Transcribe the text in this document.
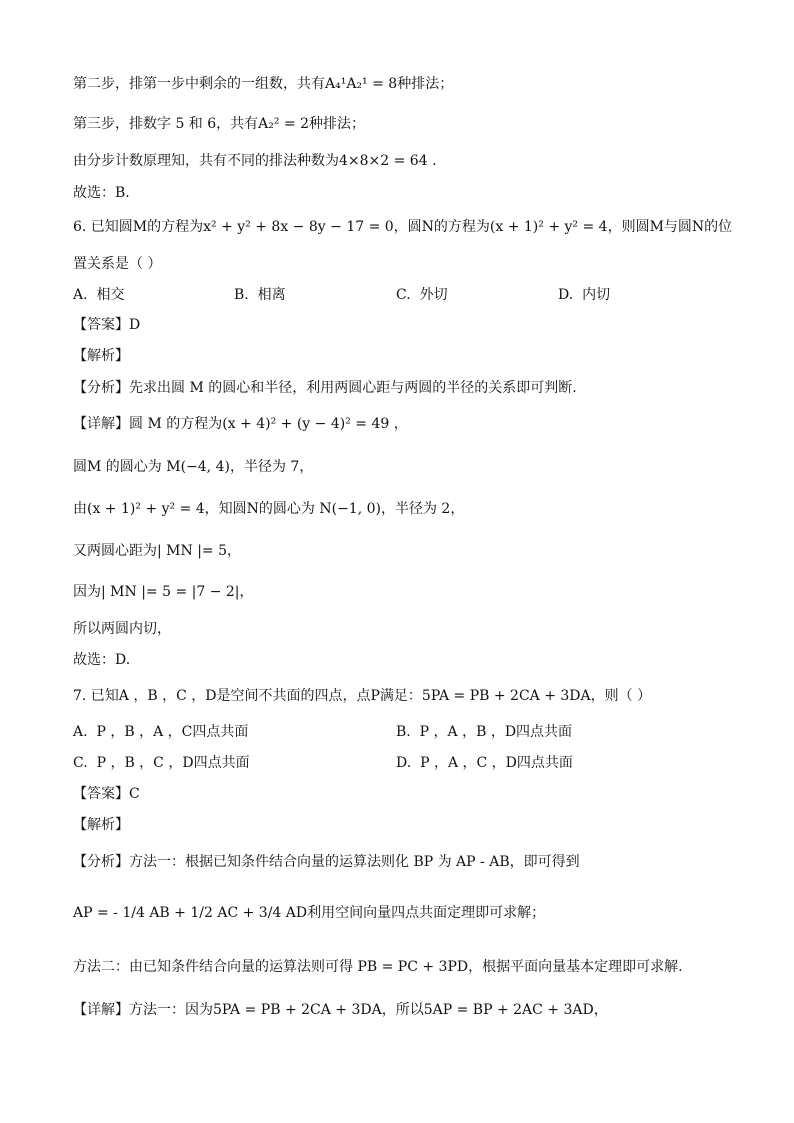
第二步，排第一步中剩余的一组数，共有A₄¹A₂¹ = 8种排法；
第三步，排数字 5 和 6，共有A₂² = 2种排法；
由分步计数原理知，共有不同的排法种数为4×8×2 = 64 .
故选：B.
6. 已知圆M的方程为x² + y² + 8x − 8y − 17 = 0，圆N的方程为(x + 1)² + y² = 4，则圆M与圆N的位
置关系是（ ）
A. 相交	B. 相离	C. 外切	D. 内切
【答案】D
【解析】
【分析】先求出圆 M 的圆心和半径，利用两圆心距与两圆的半径的关系即可判断.
【详解】圆 M 的方程为(x + 4)² + (y − 4)² = 49 ，
圆M 的圆心为 M(−4, 4)，半径为 7，
由(x + 1)² + y² = 4，知圆N的圆心为 N(−1, 0)，半径为 2，
又两圆心距为| MN |= 5，
因为| MN |= 5 = |7 − 2|，
所以两圆内切，
故选：D.
7. 已知A ，B ，C ，D是空间不共面的四点，点P满足：5PA = PB + 2CA + 3DA，则（ ）
A. P ，B ，A ，C四点共面	B. P ，A ，B ，D四点共面
C. P ，B ，C ，D四点共面	D. P ，A ，C ，D四点共面
【答案】C
【解析】
【分析】方法一：根据已知条件结合向量的运算法则化 BP 为 AP - AB，即可得到
AP = - 1/4 AB + 1/2 AC + 3/4 AD利用空间向量四点共面定理即可求解；
方法二：由已知条件结合向量的运算法则可得 PB = PC + 3PD，根据平面向量基本定理即可求解.
【详解】方法一：因为5PA = PB + 2CA + 3DA，所以5AP = BP + 2AC + 3AD，
